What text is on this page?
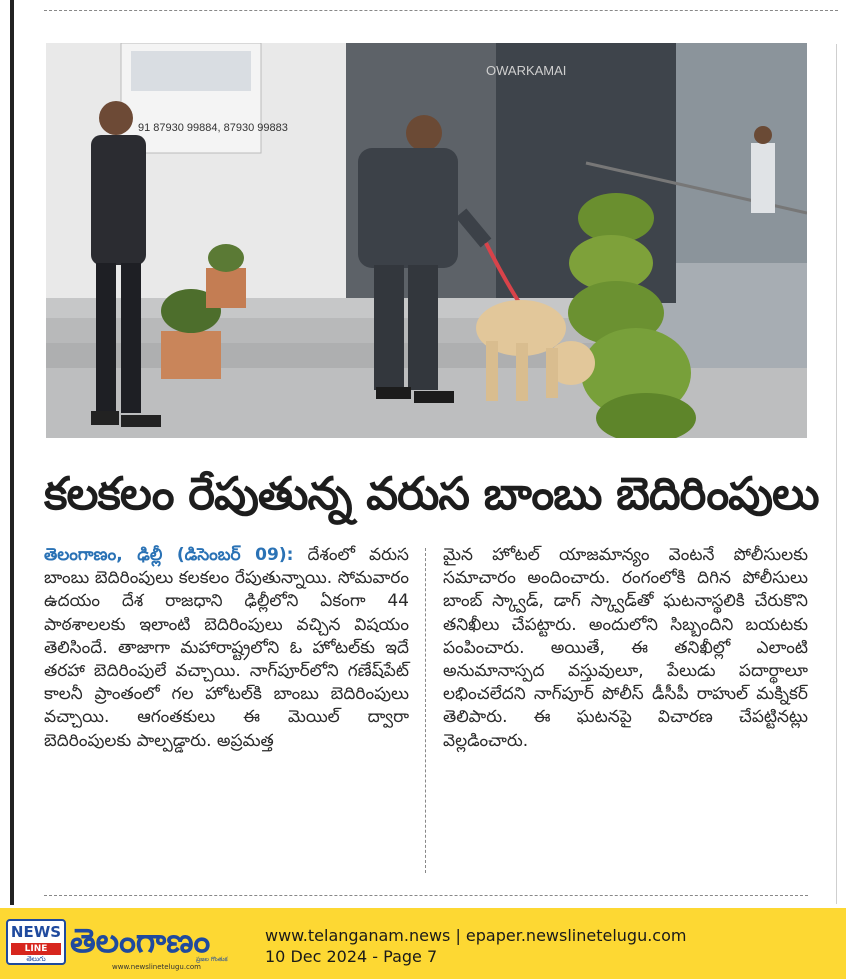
91 87930 99884, 87930 99883
OWARKAMAI
కలకలం రేపుతున్న వరుస బాంబు బెదిరింపులు

తెలంగాణం, ఢిల్లీ (డిసెంబర్ 09): దేశంలో వరుస బాంబు బెదిరింపులు కలకలం రేపుతున్నాయి. సోమవారం ఉదయం దేశ రాజధాని ఢిల్లీలోని ఏకంగా 44 పాఠశాలలకు ఇలాంటి బెదిరింపులు వచ్చిన విషయం తెలిసిందే. తాజాగా మహారాష్ట్రలోని ఓ హోటల్‌కు ఇదే తరహా బెదిరింపులే వచ్చాయి. నాగ్‌పూర్‌లోని గణేష్‌పేట్ కాలనీ ప్రాంతంలో గల హోటల్‌కి బాంబు బెదిరింపులు వచ్చాయి. ఆగంతకులు ఈ మెయిల్ ద్వారా బెదిరింపులకు పాల్పడ్డారు. అప్రమత్త

మైన హోటల్ యాజమాన్యం వెంటనే పోలీసులకు సమాచారం అందించారు. రంగంలోకి దిగిన పోలీసులు బాంబ్ స్క్వాడ్, డాగ్ స్క్వాడ్‌తో ఘటనాస్థలికి చేరుకొని తనిఖీలు చేపట్టారు. అందులోని సిబ్బందిని బయటకు పంపించారు. అయితే, ఈ తనిఖీల్లో ఎలాంటి అనుమానాస్పద వస్తువులూ, పేలుడు పదార్థాలూ లభించలేదని నాగ్‌పూర్ పోలీస్ డీసీపీ రాహుల్ మక్నికర్ తెలిపారు. ఈ ఘటనపై విచారణ చేపట్టినట్లు వెల్లడించారు.

NEWS
LINE
తెలుగు తెలంగాణం
ప్రజల గొంతుక
www.newslinetelugu.com
www.telanganam.news | epaper.newslinetelugu.com
10 Dec 2024 - Page 7
